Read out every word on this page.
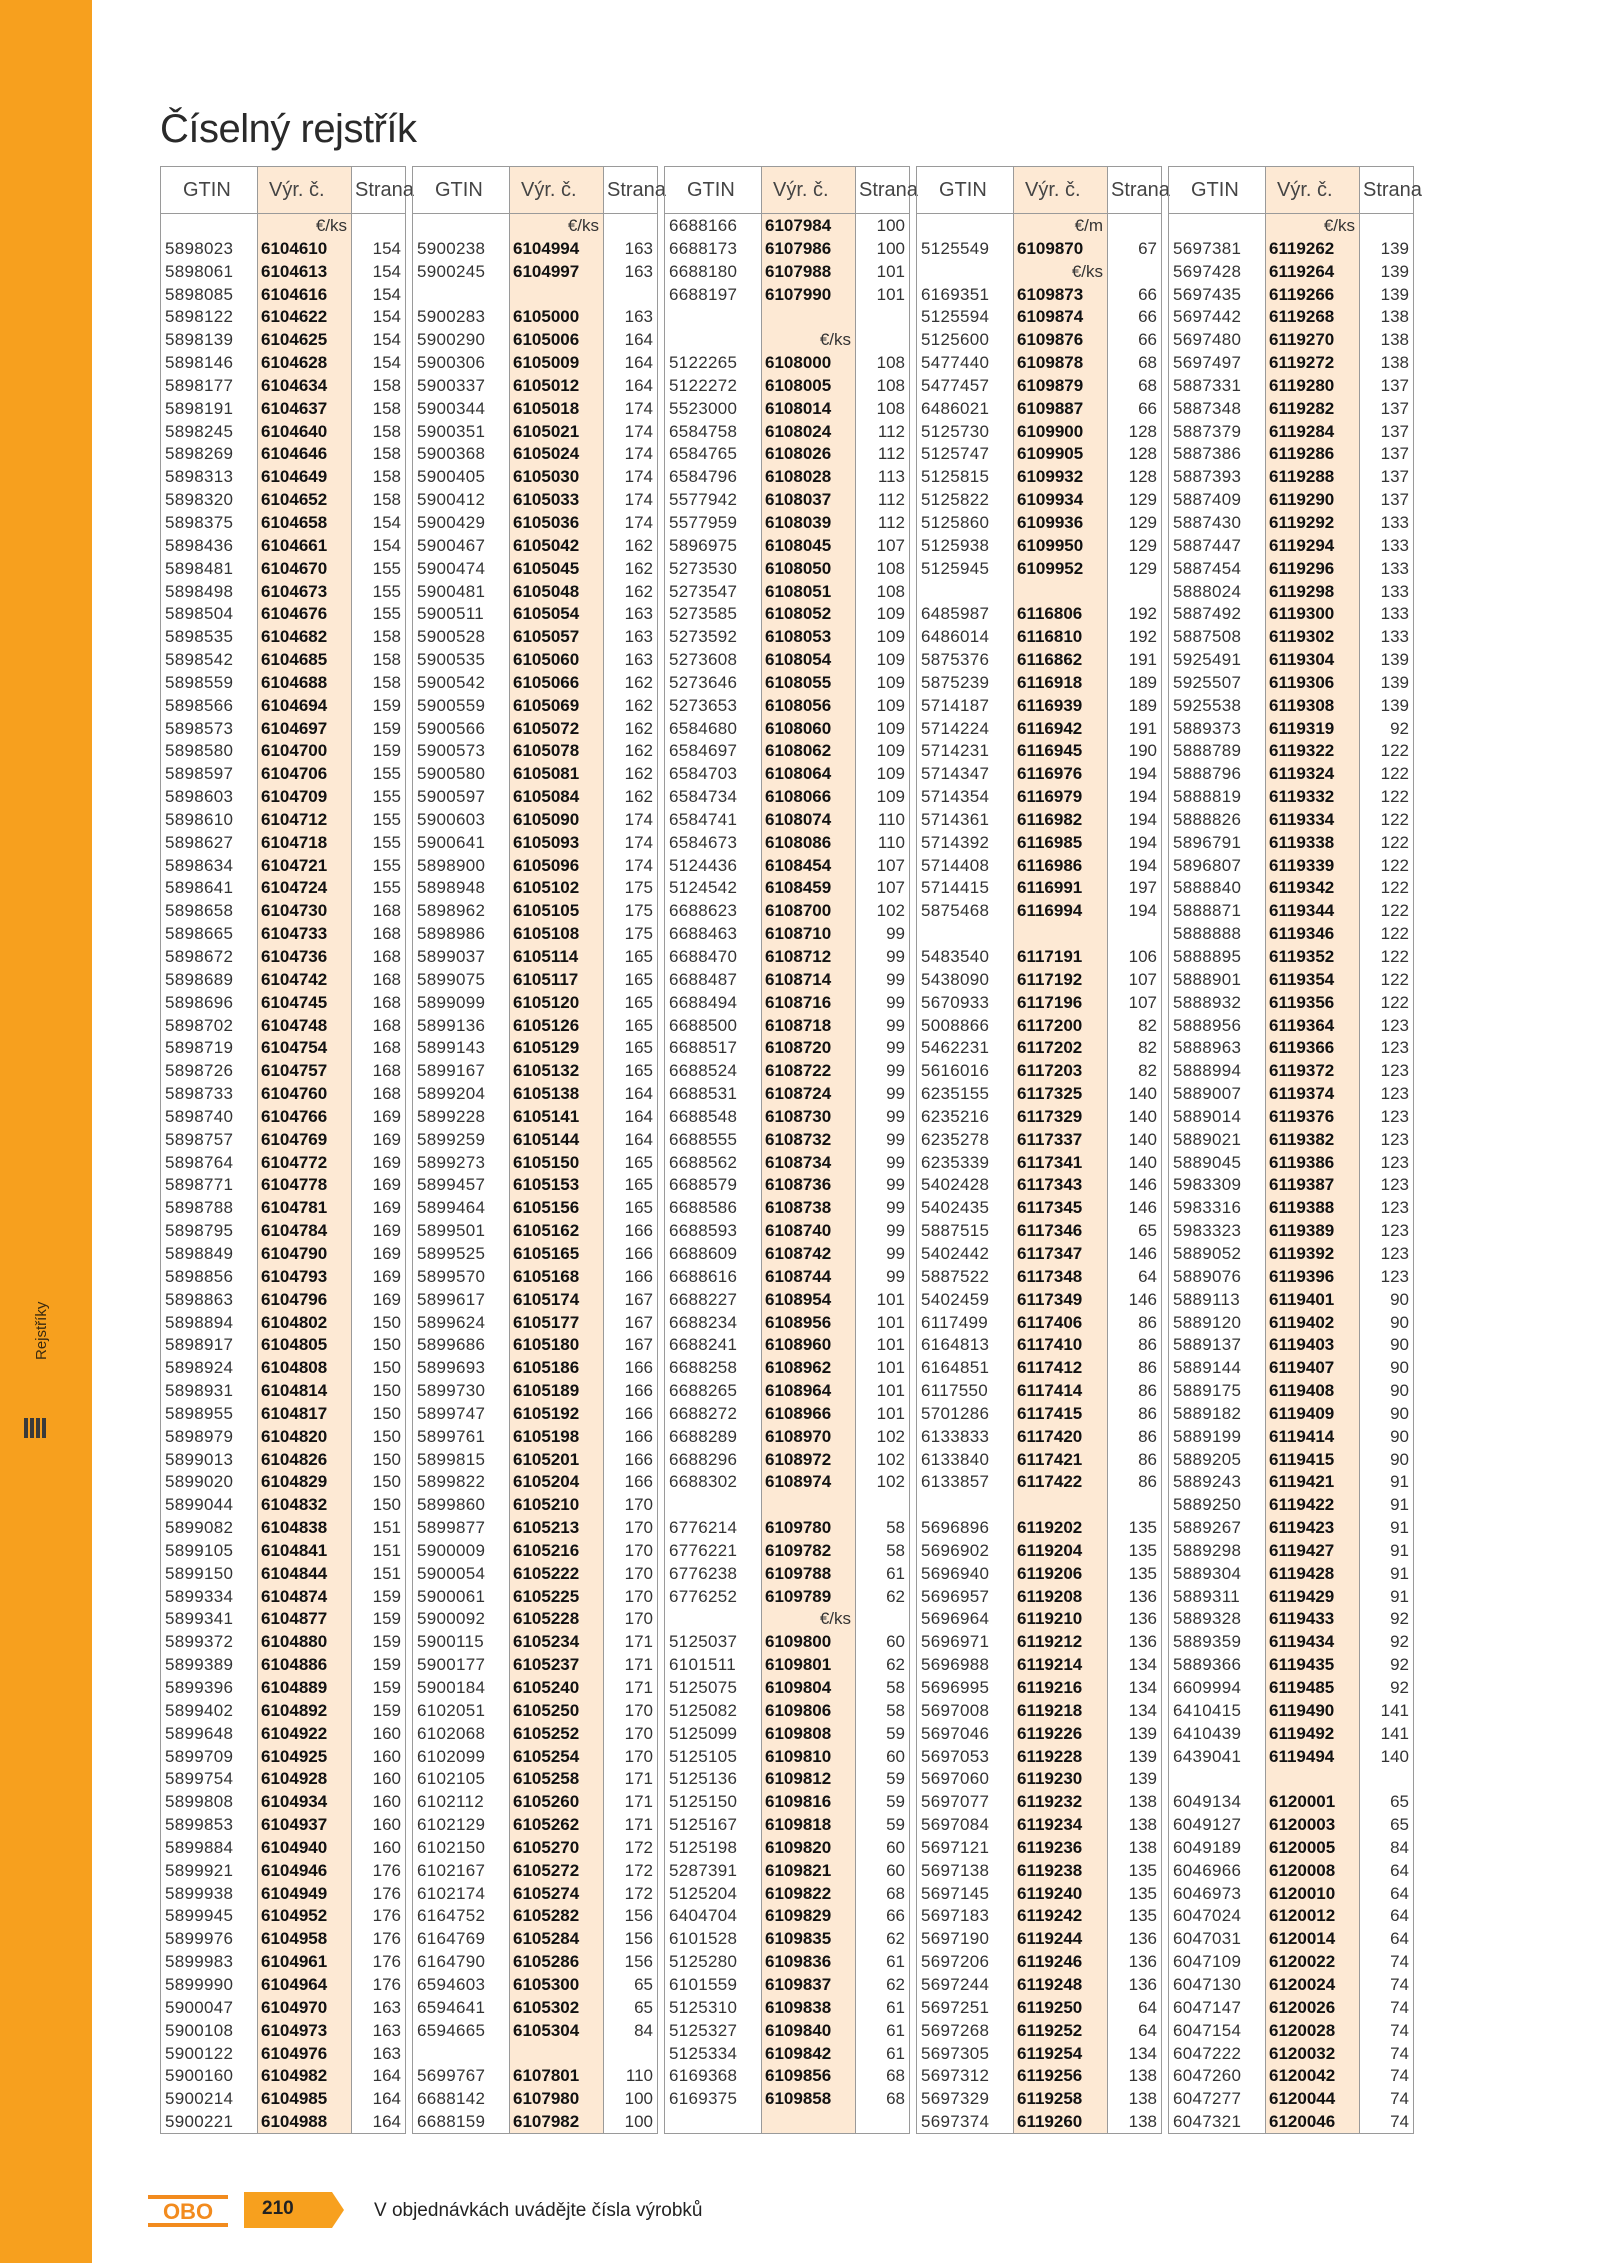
Rejstříky
Číselný rejstřík
GTIN Výr. č. Strana
€/ks
5898023	6104610	154
5898061	6104613	154
5898085	6104616	154
5898122	6104622	154
5898139	6104625	154
5898146	6104628	154
5898177	6104634	158
5898191	6104637	158
5898245	6104640	158
5898269	6104646	158
5898313	6104649	158
5898320	6104652	158
5898375	6104658	154
5898436	6104661	154
5898481	6104670	155
5898498	6104673	155
5898504	6104676	155
5898535	6104682	158
5898542	6104685	158
5898559	6104688	158
5898566	6104694	159
5898573	6104697	159
5898580	6104700	159
5898597	6104706	155
5898603	6104709	155
5898610	6104712	155
5898627	6104718	155
5898634	6104721	155
5898641	6104724	155
5898658	6104730	168
5898665	6104733	168
5898672	6104736	168
5898689	6104742	168
5898696	6104745	168
5898702	6104748	168
5898719	6104754	168
5898726	6104757	168
5898733	6104760	168
5898740	6104766	169
5898757	6104769	169
5898764	6104772	169
5898771	6104778	169
5898788	6104781	169
5898795	6104784	169
5898849	6104790	169
5898856	6104793	169
5898863	6104796	169
5898894	6104802	150
5898917	6104805	150
5898924	6104808	150
5898931	6104814	150
5898955	6104817	150
5898979	6104820	150
5899013	6104826	150
5899020	6104829	150
5899044	6104832	150
5899082	6104838	151
5899105	6104841	151
5899150	6104844	151
5899334	6104874	159
5899341	6104877	159
5899372	6104880	159
5899389	6104886	159
5899396	6104889	159
5899402	6104892	159
5899648	6104922	160
5899709	6104925	160
5899754	6104928	160
5899808	6104934	160
5899853	6104937	160
5899884	6104940	160
5899921	6104946	176
5899938	6104949	176
5899945	6104952	176
5899976	6104958	176
5899983	6104961	176
5899990	6104964	176
5900047	6104970	163
5900108	6104973	163
5900122	6104976	163
5900160	6104982	164
5900214	6104985	164
5900221	6104988	164
GTIN Výr. č. Strana
€/ks
5900238	6104994	163
5900245	6104997	163
5900283	6105000	163
5900290	6105006	164
5900306	6105009	164
5900337	6105012	164
5900344	6105018	174
5900351	6105021	174
5900368	6105024	174
5900405	6105030	174
5900412	6105033	174
5900429	6105036	174
5900467	6105042	162
5900474	6105045	162
5900481	6105048	162
5900511	6105054	163
5900528	6105057	163
5900535	6105060	163
5900542	6105066	162
5900559	6105069	162
5900566	6105072	162
5900573	6105078	162
5900580	6105081	162
5900597	6105084	162
5900603	6105090	174
5900641	6105093	174
5898900	6105096	174
5898948	6105102	175
5898962	6105105	175
5898986	6105108	175
5899037	6105114	165
5899075	6105117	165
5899099	6105120	165
5899136	6105126	165
5899143	6105129	165
5899167	6105132	165
5899204	6105138	164
5899228	6105141	164
5899259	6105144	164
5899273	6105150	165
5899457	6105153	165
5899464	6105156	165
5899501	6105162	166
5899525	6105165	166
5899570	6105168	166
5899617	6105174	167
5899624	6105177	167
5899686	6105180	167
5899693	6105186	166
5899730	6105189	166
5899747	6105192	166
5899761	6105198	166
5899815	6105201	166
5899822	6105204	166
5899860	6105210	170
5899877	6105213	170
5900009	6105216	170
5900054	6105222	170
5900061	6105225	170
5900092	6105228	170
5900115	6105234	171
5900177	6105237	171
5900184	6105240	171
6102051	6105250	170
6102068	6105252	170
6102099	6105254	170
6102105	6105258	171
6102112	6105260	171
6102129	6105262	171
6102150	6105270	172
6102167	6105272	172
6102174	6105274	172
6164752	6105282	156
6164769	6105284	156
6164790	6105286	156
6594603	6105300	65
6594641	6105302	65
6594665	6105304	84
5699767	6107801	110
6688142	6107980	100
6688159	6107982	100
GTIN Výr. č. Strana
6688166	6107984	100
6688173	6107986	100
6688180	6107988	101
6688197	6107990	101
€/ks
5122265	6108000	108
5122272	6108005	108
5523000	6108014	108
6584758	6108024	112
6584765	6108026	112
6584796	6108028	113
5577942	6108037	112
5577959	6108039	112
5896975	6108045	107
5273530	6108050	108
5273547	6108051	108
5273585	6108052	109
5273592	6108053	109
5273608	6108054	109
5273646	6108055	109
5273653	6108056	109
6584680	6108060	109
6584697	6108062	109
6584703	6108064	109
6584734	6108066	109
6584741	6108074	110
6584673	6108086	110
5124436	6108454	107
5124542	6108459	107
6688623	6108700	102
6688463	6108710	99
6688470	6108712	99
6688487	6108714	99
6688494	6108716	99
6688500	6108718	99
6688517	6108720	99
6688524	6108722	99
6688531	6108724	99
6688548	6108730	99
6688555	6108732	99
6688562	6108734	99
6688579	6108736	99
6688586	6108738	99
6688593	6108740	99
6688609	6108742	99
6688616	6108744	99
6688227	6108954	101
6688234	6108956	101
6688241	6108960	101
6688258	6108962	101
6688265	6108964	101
6688272	6108966	101
6688289	6108970	102
6688296	6108972	102
6688302	6108974	102
6776214	6109780	58
6776221	6109782	58
6776238	6109788	61
6776252	6109789	62
€/ks
5125037	6109800	60
6101511	6109801	62
5125075	6109804	58
5125082	6109806	58
5125099	6109808	59
5125105	6109810	60
5125136	6109812	59
5125150	6109816	59
5125167	6109818	59
5125198	6109820	60
5287391	6109821	60
5125204	6109822	68
6404704	6109829	66
6101528	6109835	62
5125280	6109836	61
6101559	6109837	62
5125310	6109838	61
5125327	6109840	61
5125334	6109842	61
6169368	6109856	68
6169375	6109858	68
GTIN Výr. č. Strana
€/m
5125549	6109870	67
€/ks
6169351	6109873	66
5125594	6109874	66
5125600	6109876	66
5477440	6109878	68
5477457	6109879	68
6486021	6109887	66
5125730	6109900	128
5125747	6109905	128
5125815	6109932	128
5125822	6109934	129
5125860	6109936	129
5125938	6109950	129
5125945	6109952	129
6485987	6116806	192
6486014	6116810	192
5875376	6116862	191
5875239	6116918	189
5714187	6116939	189
5714224	6116942	191
5714231	6116945	190
5714347	6116976	194
5714354	6116979	194
5714361	6116982	194
5714392	6116985	194
5714408	6116986	194
5714415	6116991	197
5875468	6116994	194
5483540	6117191	106
5438090	6117192	107
5670933	6117196	107
5008866	6117200	82
5462231	6117202	82
5616016	6117203	82
6235155	6117325	140
6235216	6117329	140
6235278	6117337	140
6235339	6117341	140
5402428	6117343	146
5402435	6117345	146
5887515	6117346	65
5402442	6117347	146
5887522	6117348	64
5402459	6117349	146
6117499	6117406	86
6164813	6117410	86
6164851	6117412	86
6117550	6117414	86
5701286	6117415	86
6133833	6117420	86
6133840	6117421	86
6133857	6117422	86
5696896	6119202	135
5696902	6119204	135
5696940	6119206	135
5696957	6119208	136
5696964	6119210	136
5696971	6119212	136
5696988	6119214	134
5696995	6119216	134
5697008	6119218	134
5697046	6119226	139
5697053	6119228	139
5697060	6119230	139
5697077	6119232	138
5697084	6119234	138
5697121	6119236	138
5697138	6119238	135
5697145	6119240	135
5697183	6119242	135
5697190	6119244	136
5697206	6119246	136
5697244	6119248	136
5697251	6119250	64
5697268	6119252	64
5697305	6119254	134
5697312	6119256	138
5697329	6119258	138
5697374	6119260	138
GTIN Výr. č. Strana
€/ks
5697381	6119262	139
5697428	6119264	139
5697435	6119266	139
5697442	6119268	138
5697480	6119270	138
5697497	6119272	138
5887331	6119280	137
5887348	6119282	137
5887379	6119284	137
5887386	6119286	137
5887393	6119288	137
5887409	6119290	137
5887430	6119292	133
5887447	6119294	133
5887454	6119296	133
5888024	6119298	133
5887492	6119300	133
5887508	6119302	133
5925491	6119304	139
5925507	6119306	139
5925538	6119308	139
5889373	6119319	92
5888789	6119322	122
5888796	6119324	122
5888819	6119332	122
5888826	6119334	122
5896791	6119338	122
5896807	6119339	122
5888840	6119342	122
5888871	6119344	122
5888888	6119346	122
5888895	6119352	122
5888901	6119354	122
5888932	6119356	122
5888956	6119364	123
5888963	6119366	123
5888994	6119372	123
5889007	6119374	123
5889014	6119376	123
5889021	6119382	123
5889045	6119386	123
5983309	6119387	123
5983316	6119388	123
5983323	6119389	123
5889052	6119392	123
5889076	6119396	123
5889113	6119401	90
5889120	6119402	90
5889137	6119403	90
5889144	6119407	90
5889175	6119408	90
5889182	6119409	90
5889199	6119414	90
5889205	6119415	90
5889243	6119421	91
5889250	6119422	91
5889267	6119423	91
5889298	6119427	91
5889304	6119428	91
5889311	6119429	91
5889328	6119433	92
5889359	6119434	92
5889366	6119435	92
6609994	6119485	92
6410415	6119490	141
6410439	6119492	141
6439041	6119494	140
6049134	6120001	65
6049127	6120003	65
6049189	6120005	84
6046966	6120008	64
6046973	6120010	64
6047024	6120012	64
6047031	6120014	64
6047109	6120022	74
6047130	6120024	74
6047147	6120026	74
6047154	6120028	74
6047222	6120032	74
6047260	6120042	74
6047277	6120044	74
6047321	6120046	74
OBO	210	V objednávkách uvádějte čísla výrobků
